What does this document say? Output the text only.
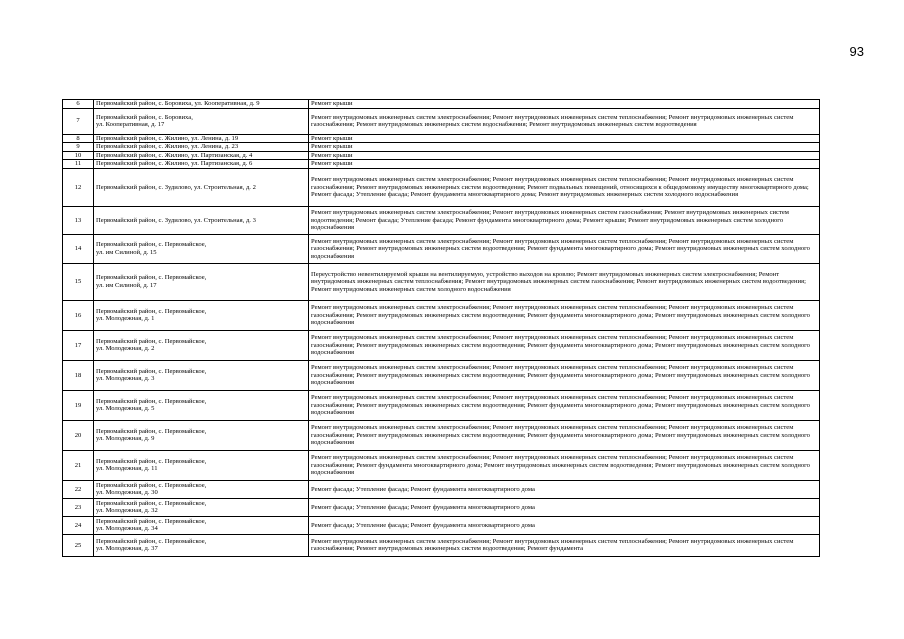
93
6	Первомайский район, с. Боровиха, ул. Кооперативная, д. 9	Ремонт крыши
7	Первомайский район, с. Боровиха,
ул. Кооперативная, д. 17	Ремонт внутридомовых инженерных систем электроснабжения; Ремонт внутридомовых инженерных систем теплоснабжения; Ремонт внутридомовых инженерных систем газоснабжения; Ремонт внутридомовых инженерных систем водоснабжения; Ремонт внутридомовых инженерных систем водоотведения
8	Первомайский район, с. Жилино, ул. Ленина, д. 19	Ремонт крыши
9	Первомайский район, с. Жилино, ул. Ленина, д. 23	Ремонт крыши
10	Первомайский район, с. Жилино, ул. Партизанская, д. 4	Ремонт крыши
11	Первомайский район, с. Жилино, ул. Партизанская, д. 6	Ремонт крыши
12	Первомайский район, с. Зудилово, ул. Строительная, д. 2	Ремонт внутридомовых инженерных систем электроснабжения; Ремонт внутридомовых инженерных систем теплоснабжения; Ремонт внутридомовых инженерных систем газоснабжения; Ремонт внутридомовых инженерных систем водоотведения; Ремонт подвальных помещений, относящихся к общедомовому имуществу многоквартирного дома; Ремонт фасада; Утепление фасада; Ремонт фундамента многоквартирного дома; Ремонт внутридомовых инженерных систем холодного водоснабжения
13	Первомайский район, с. Зудилово, ул. Строительная, д. 3	Ремонт внутридомовых инженерных систем электроснабжения; Ремонт внутридомовых инженерных систем газоснабжения; Ремонт внутридомовых инженерных систем водоотведения; Ремонт фасада; Утепление фасада; Ремонт фундамента многоквартирного дома; Ремонт крыши; Ремонт внутридомовых инженерных систем холодного водоснабжения
14	Первомайский район, с. Первомайское,
ул. им Силиной, д. 15	Ремонт внутридомовых инженерных систем электроснабжения; Ремонт внутридомовых инженерных систем теплоснабжения; Ремонт внутридомовых инженерных систем газоснабжения; Ремонт внутридомовых инженерных систем водоотведения; Ремонт фундамента многоквартирного дома; Ремонт внутридомовых инженерных систем холодного водоснабжения
15	Первомайский район, с. Первомайское,
ул. им Силиной, д. 17	Переустройство невентилируемой крыши на вентилируемую, устройство выходов на кровлю; Ремонт внутридомовых инженерных систем электроснабжения; Ремонт внутридомовых инженерных систем теплоснабжения; Ремонт внутридомовых инженерных систем газоснабжения; Ремонт внутридомовых инженерных систем водоотведения; Ремонт внутридомовых инженерных систем холодного водоснабжения
16	Первомайский район, с. Первомайское,
ул. Молодежная, д. 1	Ремонт внутридомовых инженерных систем электроснабжения; Ремонт внутридомовых инженерных систем теплоснабжения; Ремонт внутридомовых инженерных систем газоснабжения; Ремонт внутридомовых инженерных систем водоотведения; Ремонт фундамента многоквартирного дома; Ремонт внутридомовых инженерных систем холодного водоснабжения
17	Первомайский район, с. Первомайское,
ул. Молодежная, д. 2	Ремонт внутридомовых инженерных систем электроснабжения; Ремонт внутридомовых инженерных систем теплоснабжения; Ремонт внутридомовых инженерных систем газоснабжения; Ремонт внутридомовых инженерных систем водоотведения; Ремонт фундамента многоквартирного дома; Ремонт внутридомовых инженерных систем холодного водоснабжения
18	Первомайский район, с. Первомайское,
ул. Молодежная, д. 3	Ремонт внутридомовых инженерных систем электроснабжения; Ремонт внутридомовых инженерных систем теплоснабжения; Ремонт внутридомовых инженерных систем газоснабжения; Ремонт внутридомовых инженерных систем водоотведения; Ремонт фундамента многоквартирного дома; Ремонт внутридомовых инженерных систем холодного водоснабжения
19	Первомайский район, с. Первомайское,
ул. Молодежная, д. 5	Ремонт внутридомовых инженерных систем электроснабжения; Ремонт внутридомовых инженерных систем теплоснабжения; Ремонт внутридомовых инженерных систем газоснабжения; Ремонт внутридомовых инженерных систем водоотведения; Ремонт фундамента многоквартирного дома; Ремонт внутридомовых инженерных систем холодного водоснабжения
20	Первомайский район, с. Первомайское,
ул. Молодежная, д. 9	Ремонт внутридомовых инженерных систем электроснабжения; Ремонт внутридомовых инженерных систем теплоснабжения; Ремонт внутридомовых инженерных систем газоснабжения; Ремонт внутридомовых инженерных систем водоотведения; Ремонт фундамента многоквартирного дома; Ремонт внутридомовых инженерных систем холодного водоснабжения
21	Первомайский район, с. Первомайское,
ул. Молодежная, д. 11	Ремонт внутридомовых инженерных систем электроснабжения; Ремонт внутридомовых инженерных систем теплоснабжения; Ремонт внутридомовых инженерных систем газоснабжения; Ремонт фундамента многоквартирного дома; Ремонт внутридомовых инженерных систем водоотведения; Ремонт внутридомовых инженерных систем холодного водоснабжения
22	Первомайский район, с. Первомайское,
ул. Молодежная, д. 30	Ремонт фасада; Утепление фасада; Ремонт фундамента многоквартирного дома
23	Первомайский район, с. Первомайское,
ул. Молодежная, д. 32	Ремонт фасада; Утепление фасада; Ремонт фундамента многоквартирного дома
24	Первомайский район, с. Первомайское,
ул. Молодежная, д. 34	Ремонт фасада; Утепление фасада; Ремонт фундамента многоквартирного дома
25	Первомайский район, с. Первомайское,
ул. Молодежная, д. 37	Ремонт внутридомовых инженерных систем электроснабжения; Ремонт внутридомовых инженерных систем теплоснабжения; Ремонт внутридомовых инженерных систем газоснабжения; Ремонт внутридомовых инженерных систем водоотведения; Ремонт фундамента
